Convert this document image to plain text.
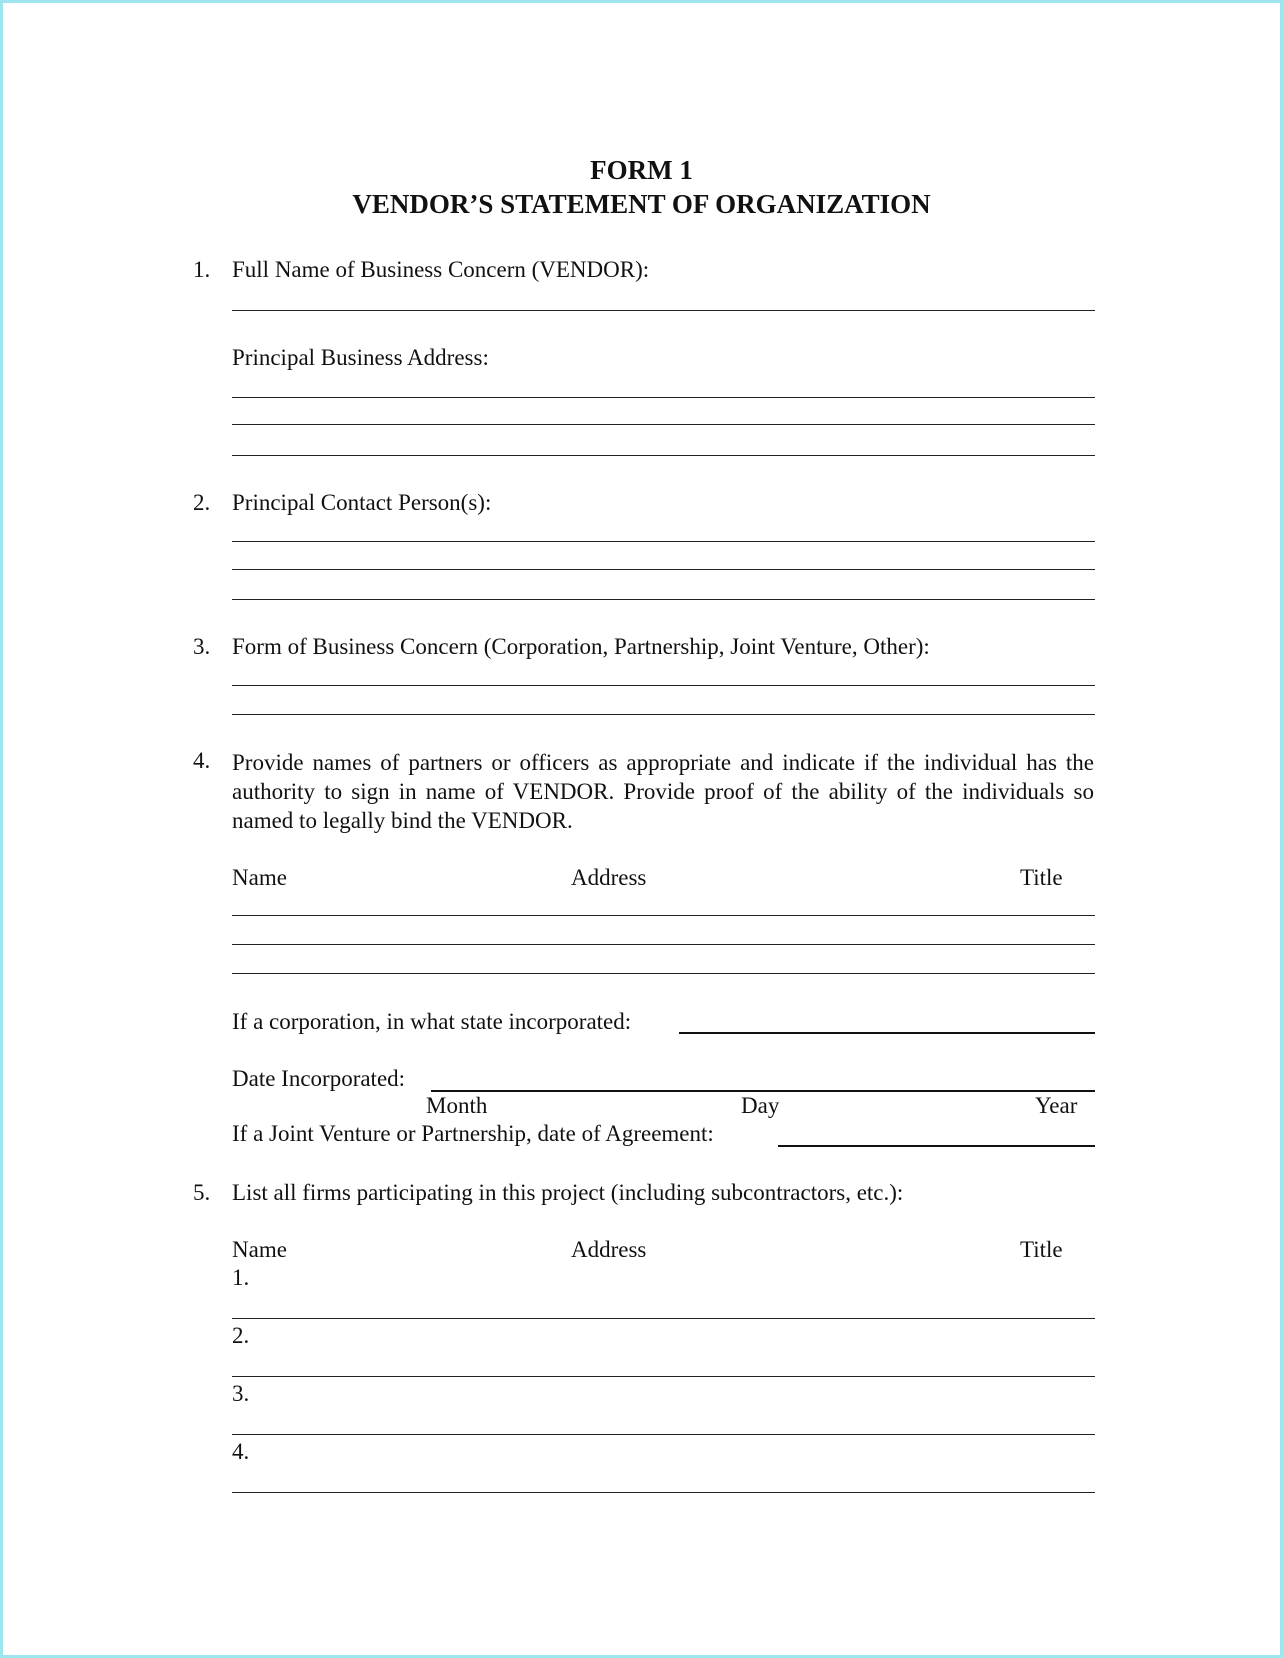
FORM 1
VENDOR’S STATEMENT OF ORGANIZATION
1. Full Name of Business Concern (VENDOR):
Principal Business Address:
2. Principal Contact Person(s):
3. Form of Business Concern (Corporation, Partnership, Joint Venture, Other):
4. Provide names of partners or officers as appropriate and indicate if the individual has the authority to sign in name of VENDOR. Provide proof of the ability of the individuals so named to legally bind the VENDOR.
Name	Address	Title
If a corporation, in what state incorporated:
Date Incorporated:
Month	Day	Year
If a Joint Venture or Partnership, date of Agreement:
5. List all firms participating in this project (including subcontractors, etc.):
Name	Address	Title
1.
2.
3.
4.
